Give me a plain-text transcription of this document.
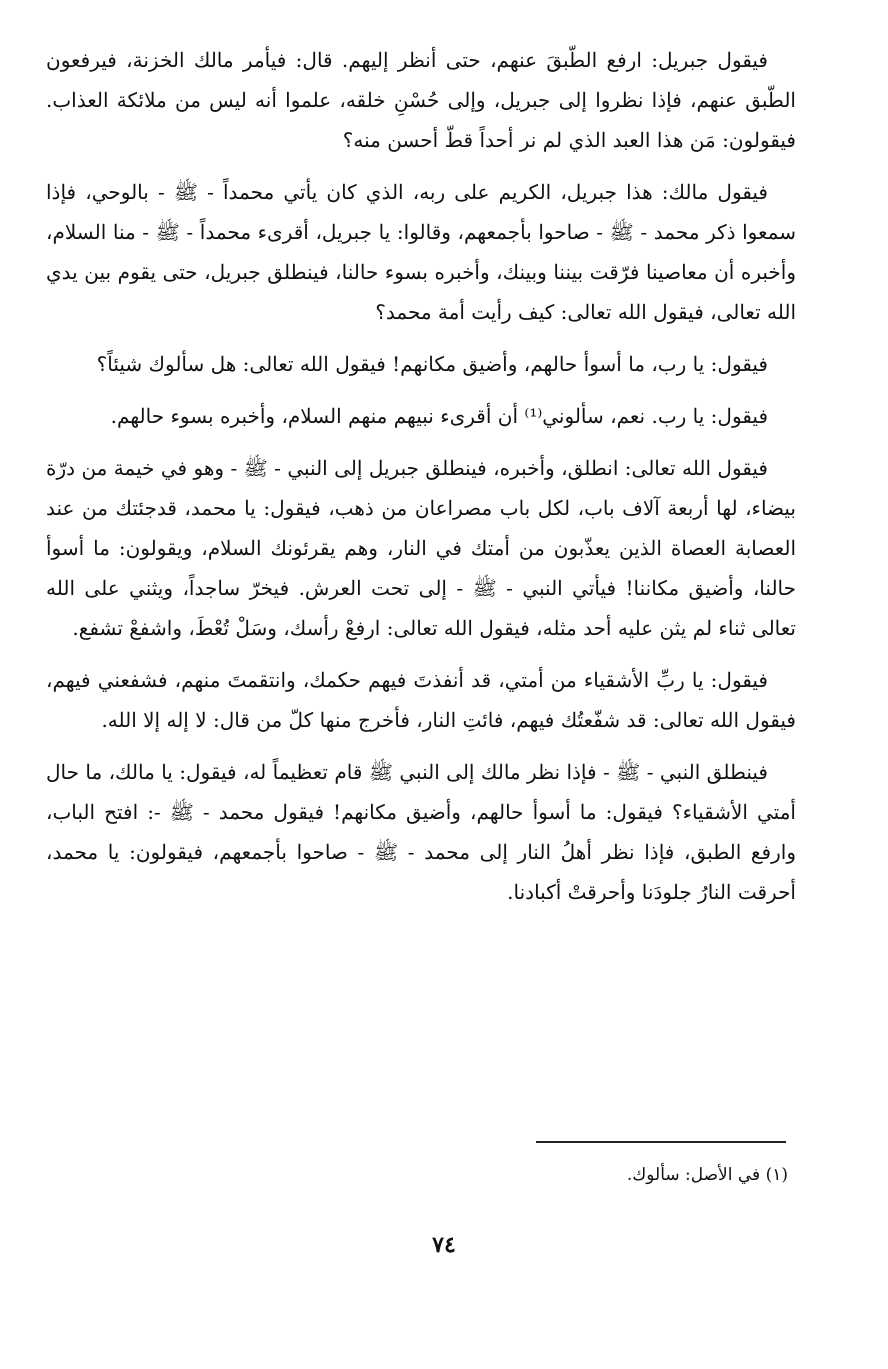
فيقول جبريل: ارفع الطّبقَ عنهم، حتى أنظر إليهم. قال: فيأمر مالك الخزنة، فيرفعون الطّبق عنهم، فإذا نظروا إلى جبريل، وإلى حُسْنِ خلقه، علموا أنه ليس من ملائكة العذاب. فيقولون: مَن هذا العبد الذي لم نر أحداً قطّ أحسن منه؟

فيقول مالك: هذا جبريل، الكريم على ربه، الذي كان يأتي محمداً - ﷺ - بالوحي، فإذا سمعوا ذكر محمد - ﷺ - صاحوا بأجمعهم، وقالوا: يا جبريل، أقرىء محمداً - ﷺ - منا السلام، وأخبره أن معاصينا فرّقت بيننا وبينك، وأخبره بسوء حالنا، فينطلق جبريل، حتى يقوم بين يدي الله تعالى، فيقول الله تعالى: كيف رأيت أمة محمد؟

فيقول: يا رب، ما أسوأ حالهم، وأضيق مكانهم! فيقول الله تعالى: هل سألوك شيئاً؟

فيقول: يا رب. نعم، سألوني⁽¹⁾ أن أقرىء نبيهم منهم السلام، وأخبره بسوء حالهم.

فيقول الله تعالى: انطلق، وأخبره، فينطلق جبريل إلى النبي - ﷺ - وهو في خيمة من درّة بيضاء، لها أربعة آلاف باب، لكل باب مصراعان من ذهب، فيقول: يا محمد، قدجئتك من عند العصابة العصاة الذين يعذّبون من أمتك في النار، وهم يقرئونك السلام، ويقولون: ما أسوأ حالنا، وأضيق مكاننا! فيأتي النبي - ﷺ - إلى تحت العرش. فيخرّ ساجداً، ويثني على الله تعالى ثناء لم يثن عليه أحد مثله، فيقول الله تعالى: ارفعْ رأسك، وسَلْ تُعْطَ، واشفعْ تشفع.

فيقول: يا ربِّ الأشقياء من أمتي، قد أنفذتَ فيهم حكمك، وانتقمتَ منهم، فشفعني فيهم، فيقول الله تعالى: قد شفّعتُك فيهم، فائتِ النار، فأخرج منها كلّ من قال: لا إله إلا الله.

فينطلق النبي - ﷺ - فإذا نظر مالك إلى النبي ﷺ قام تعظيماً له، فيقول: يا مالك، ما حال أمتي الأشقياء؟ فيقول: ما أسوأ حالهم، وأضيق مكانهم! فيقول محمد - ﷺ -: افتح الباب، وارفع الطبق، فإذا نظر أهلُ النار إلى محمد - ﷺ - صاحوا بأجمعهم، فيقولون: يا محمد، أحرقت النارُ جلودَنا وأحرقتْ أكبادنا.

(١) في الأصل: سألوك.
٧٤
